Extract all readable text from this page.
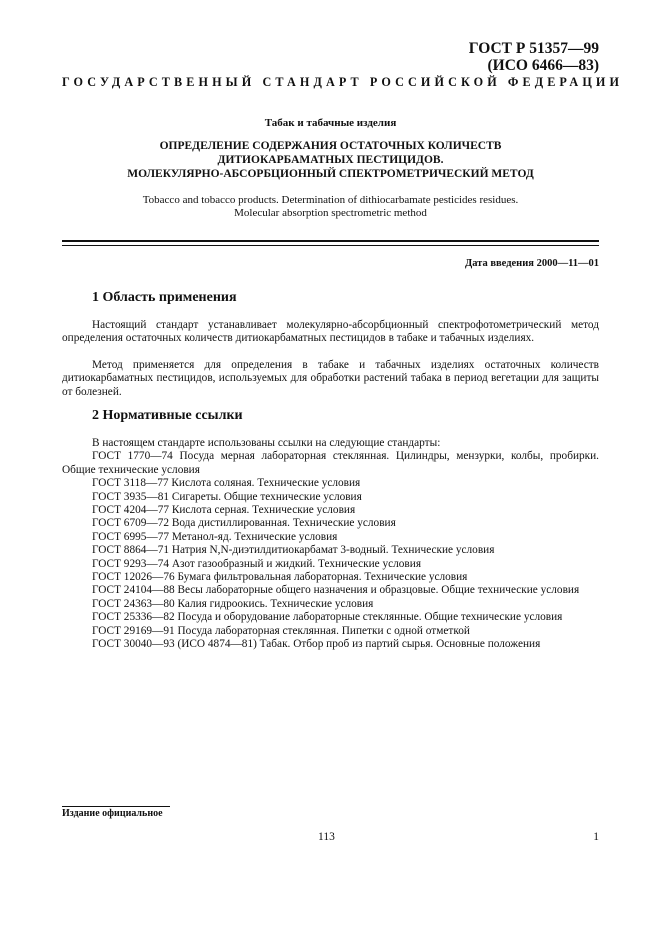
ГОСТ Р 51357—99
(ИСО 6466—83)
ГОСУДАРСТВЕННЫЙ СТАНДАРТ РОССИЙСКОЙ ФЕДЕРАЦИИ
Табак и табачные изделия
ОПРЕДЕЛЕНИЕ СОДЕРЖАНИЯ ОСТАТОЧНЫХ КОЛИЧЕСТВ
ДИТИОКАРБАМАТНЫХ ПЕСТИЦИДОВ.
МОЛЕКУЛЯРНО-АБСОРБЦИОННЫЙ СПЕКТРОМЕТРИЧЕСКИЙ МЕТОД
Tobacco and tobacco products. Determination of dithiocarbamate pesticides residues.
Molecular absorption spectrometric method
Дата введения 2000—11—01
1 Область применения
Настоящий стандарт устанавливает молекулярно-абсорбционный спектрофотометрический метод определения остаточных количеств дитиокарбаматных пестицидов в табаке и табачных изделиях.
Метод применяется для определения в табаке и табачных изделиях остаточных количеств дитиокарбаматных пестицидов, используемых для обработки растений табака в период вегетации для защиты от болезней.
2 Нормативные ссылки
В настоящем стандарте использованы ссылки на следующие стандарты:
ГОСТ 1770—74 Посуда мерная лабораторная стеклянная. Цилиндры, мензурки, колбы, пробирки. Общие технические условия
ГОСТ 3118—77 Кислота соляная. Технические условия
ГОСТ 3935—81 Сигареты. Общие технические условия
ГОСТ 4204—77 Кислота серная. Технические условия
ГОСТ 6709—72 Вода дистиллированная. Технические условия
ГОСТ 6995—77 Метанол-яд. Технические условия
ГОСТ 8864—71 Натрия N,N-диэтилдитиокарбамат 3-водный. Технические условия
ГОСТ 9293—74 Азот газообразный и жидкий. Технические условия
ГОСТ 12026—76 Бумага фильтровальная лабораторная. Технические условия
ГОСТ 24104—88 Весы лабораторные общего назначения и образцовые. Общие технические условия
ГОСТ 24363—80 Калия гидроокись. Технические условия
ГОСТ 25336—82 Посуда и оборудование лабораторные стеклянные. Общие технические условия
ГОСТ 29169—91 Посуда лабораторная стеклянная. Пипетки с одной отметкой
ГОСТ 30040—93 (ИСО 4874—81) Табак. Отбор проб из партий сырья. Основные положения
Издание официальное
113	1
